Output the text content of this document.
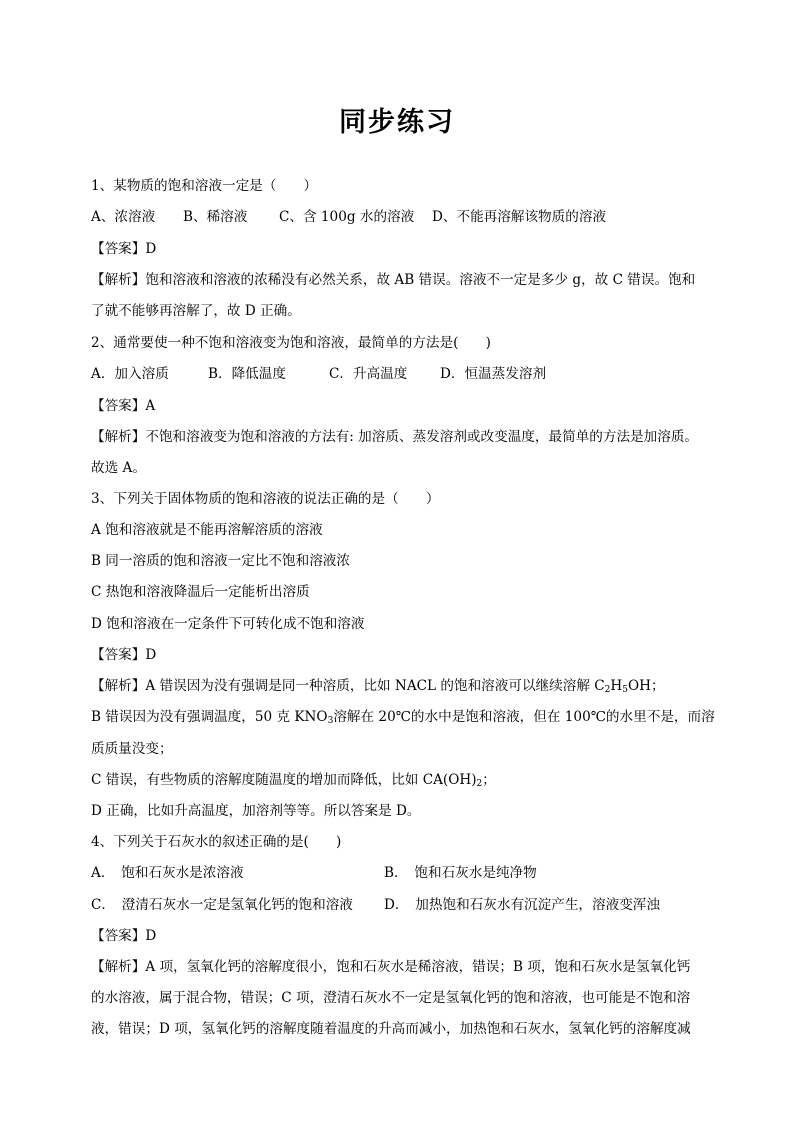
同步练习
1、某物质的饱和溶液一定是（　　）
A、浓溶液 B、稀溶液 C、含 100g 水的溶液 D、不能再溶解该物质的溶液
【答案】D
【解析】饱和溶液和溶液的浓稀没有必然关系，故 AB 错误。溶液不一定是多少 g，故 C 错误。饱和
了就不能够再溶解了，故 D 正确。
2、通常要使一种不饱和溶液变为饱和溶液，最简单的方法是(　　)
A．加入溶质	B．降低温度	C．升高温度 D．恒温蒸发溶剂
【答案】A
【解析】不饱和溶液变为饱和溶液的方法有: 加溶质、蒸发溶剂或改变温度，最简单的方法是加溶质。
故选 A。
3、下列关于固体物质的饱和溶液的说法正确的是（　　）
A 饱和溶液就是不能再溶解溶质的溶液
B 同一溶质的饱和溶液一定比不饱和溶液浓
C 热饱和溶液降温后一定能析出溶质
D 饱和溶液在一定条件下可转化成不饱和溶液
【答案】D
【解析】A 错误因为没有强调是同一种溶质，比如 NACL 的饱和溶液可以继续溶解 $C_2H_5OH$；
B 错误因为没有强调温度，50 克 $KNO_3$溶解在 20℃的水中是饱和溶液，但在 100℃的水里不是，而溶
质质量没变；
C 错误，有些物质的溶解度随温度的增加而降低，比如 $CA(OH)_2$；
D 正确，比如升高温度，加溶剂等等。所以答案是 D。
4、下列关于石灰水的叙述正确的是(　　)
A．　饱和石灰水是浓溶液	B．　饱和石灰水是纯净物
C．　澄清石灰水一定是氢氧化钙的饱和溶液 D．　加热饱和石灰水有沉淀产生，溶液变浑浊
【答案】D
【解析】A 项，氢氧化钙的溶解度很小，饱和石灰水是稀溶液，错误；B 项，饱和石灰水是氢氧化钙
的水溶液，属于混合物，错误；C 项，澄清石灰水不一定是氢氧化钙的饱和溶液，也可能是不饱和溶
液，错误；D 项，氢氧化钙的溶解度随着温度的升高而减小，加热饱和石灰水，氢氧化钙的溶解度减
